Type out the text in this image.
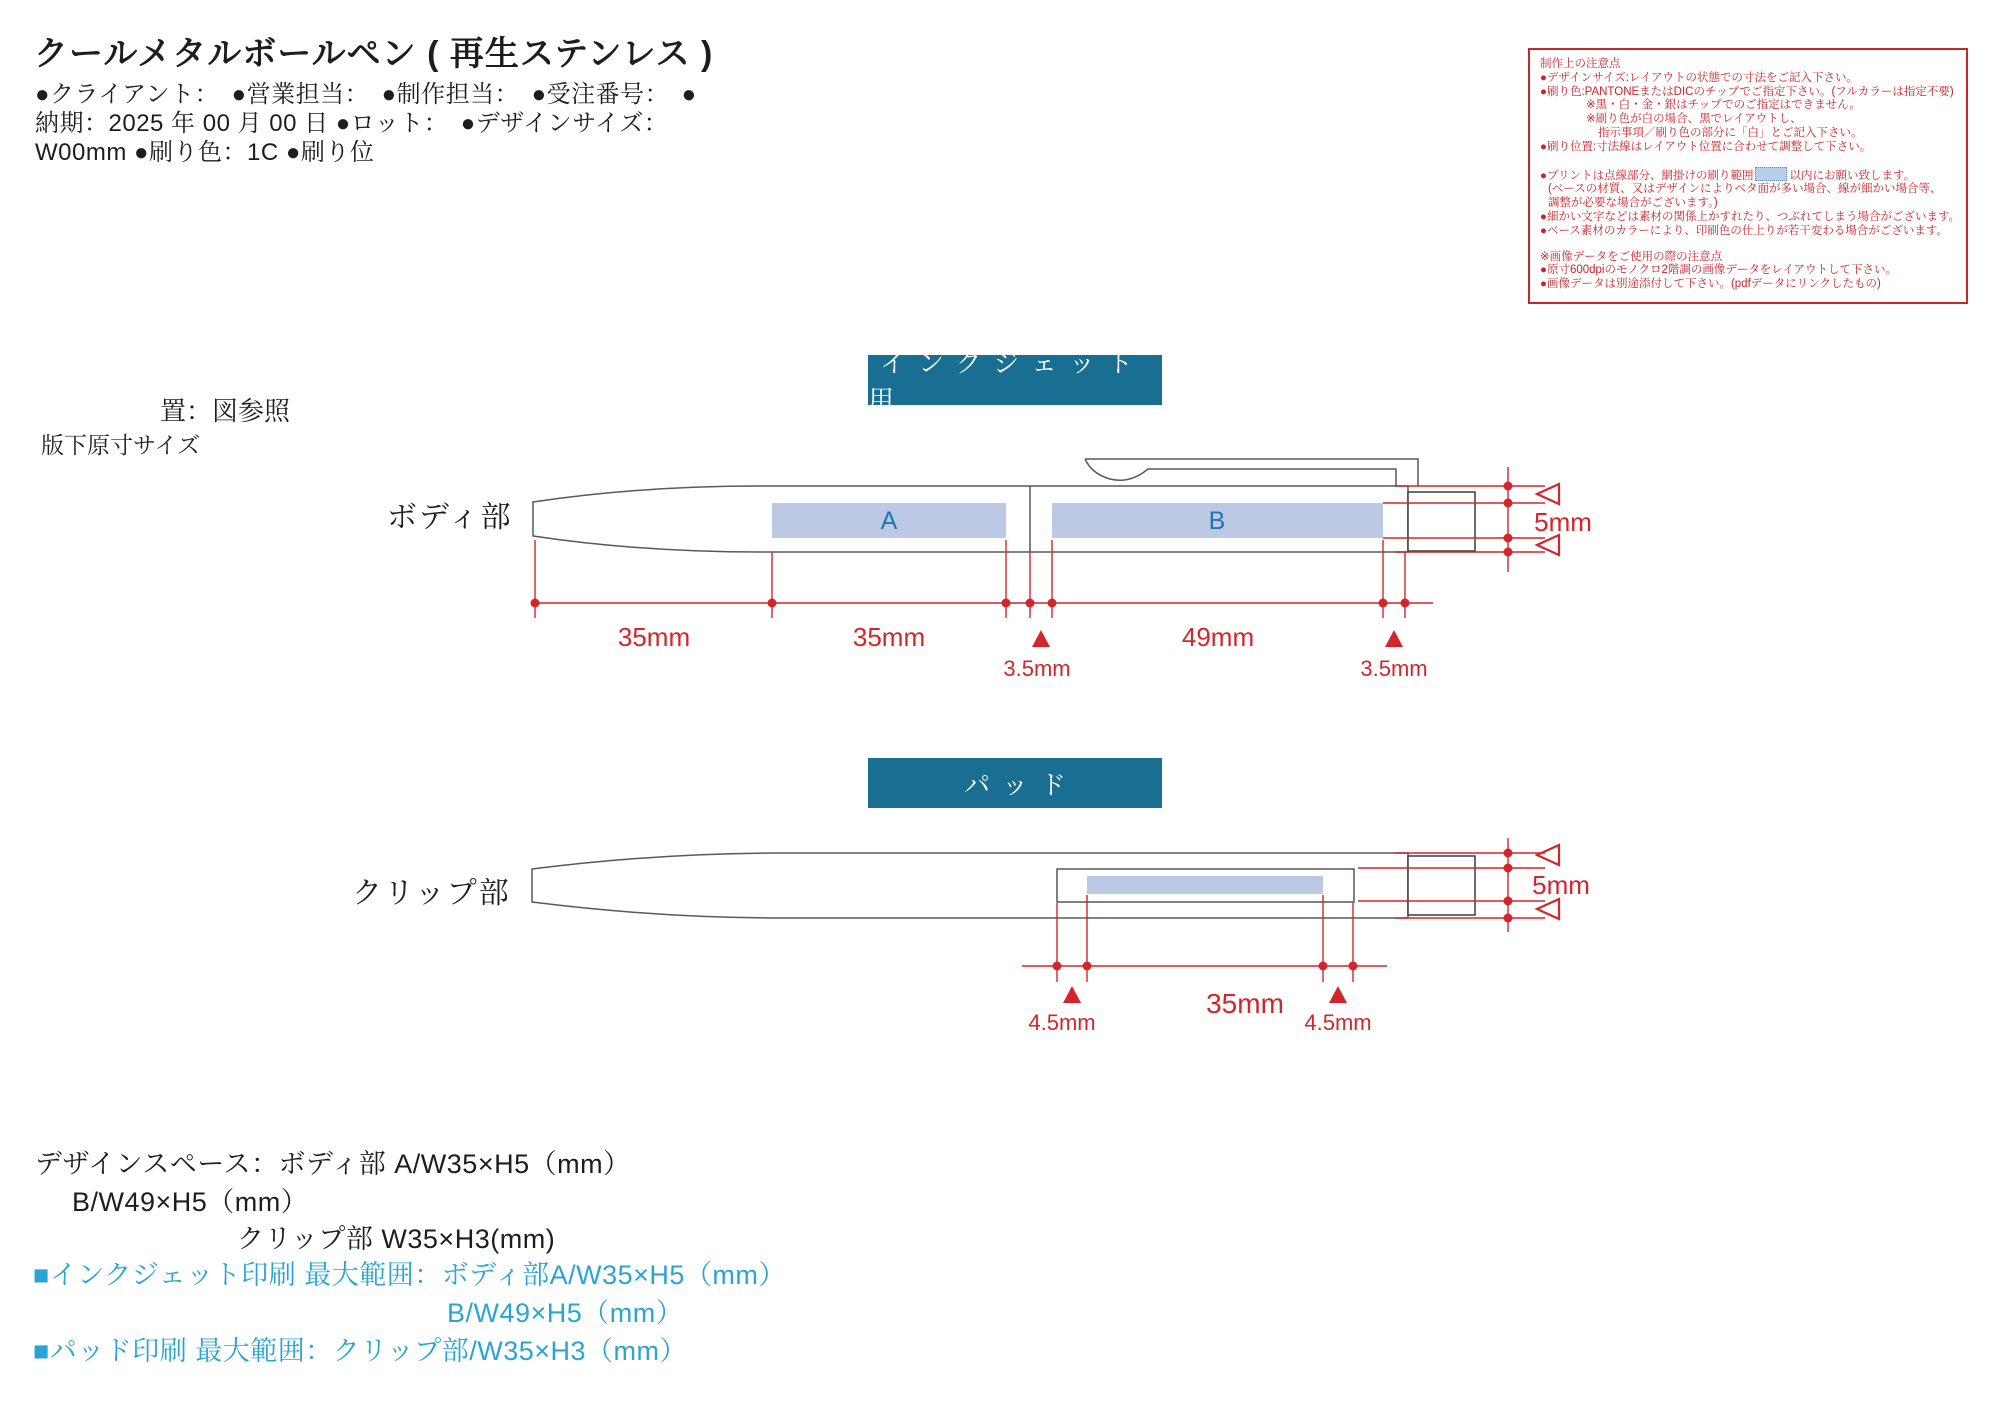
クールメタルボールペン ( 再生ステンレス )
●クライアント：　●営業担当：　●制作担当：　●受注番号：　●
納期：2025 年 00 月 00 日 ●ロット：　●デザインサイズ：
W00mm ●刷り色：1C ●刷り位
置：図参照
版下原寸サイズ
制作上の注意点
●デザインサイズ:レイアウトの状態での寸法をご記入下さい。
●刷り色:PANTONEまたはDICのチップでご指定下さい。(フルカラーは指定不要)
※黒・白・金・銀はチップでのご指定はできません。
※刷り色が白の場合、黒でレイアウトし、
指示事項／刷り色の部分に「白」とご記入下さい。
●刷り位置:寸法線はレイアウト位置に合わせて調整して下さい。
●プリントは点線部分、網掛けの刷り範囲	以内にお願い致します。
(ベースの材質、又はデザインによりベタ面が多い場合、線が細かい場合等、
調整が必要な場合がございます。)
●細かい文字などは素材の関係上かすれたり、つぶれてしまう場合がございます。
●ベース素材のカラーにより、印刷色の仕上りが若干変わる場合がございます。
※画像データをご使用の際の注意点
●原寸600dpiのモノクロ2階調の画像データをレイアウトして下さい。
●画像データは別途添付して下さい。(pdfデータにリンクしたもの)
インクジェット用
パッド
ボディ部
クリップ部
A	B
35mm	35mm	49mm
3.5mm	3.5mm
5mm
4.5mm
35mm
4.5mm
5mm
デザインスペース：ボディ部 A/W35×H5（mm）
B/W49×H5（mm）
クリップ部 W35×H3(mm)
■インクジェット印刷 最大範囲：ボディ部A/W35×H5（mm）
B/W49×H5（mm）
■パッド印刷 最大範囲：クリップ部/W35×H3（mm）
